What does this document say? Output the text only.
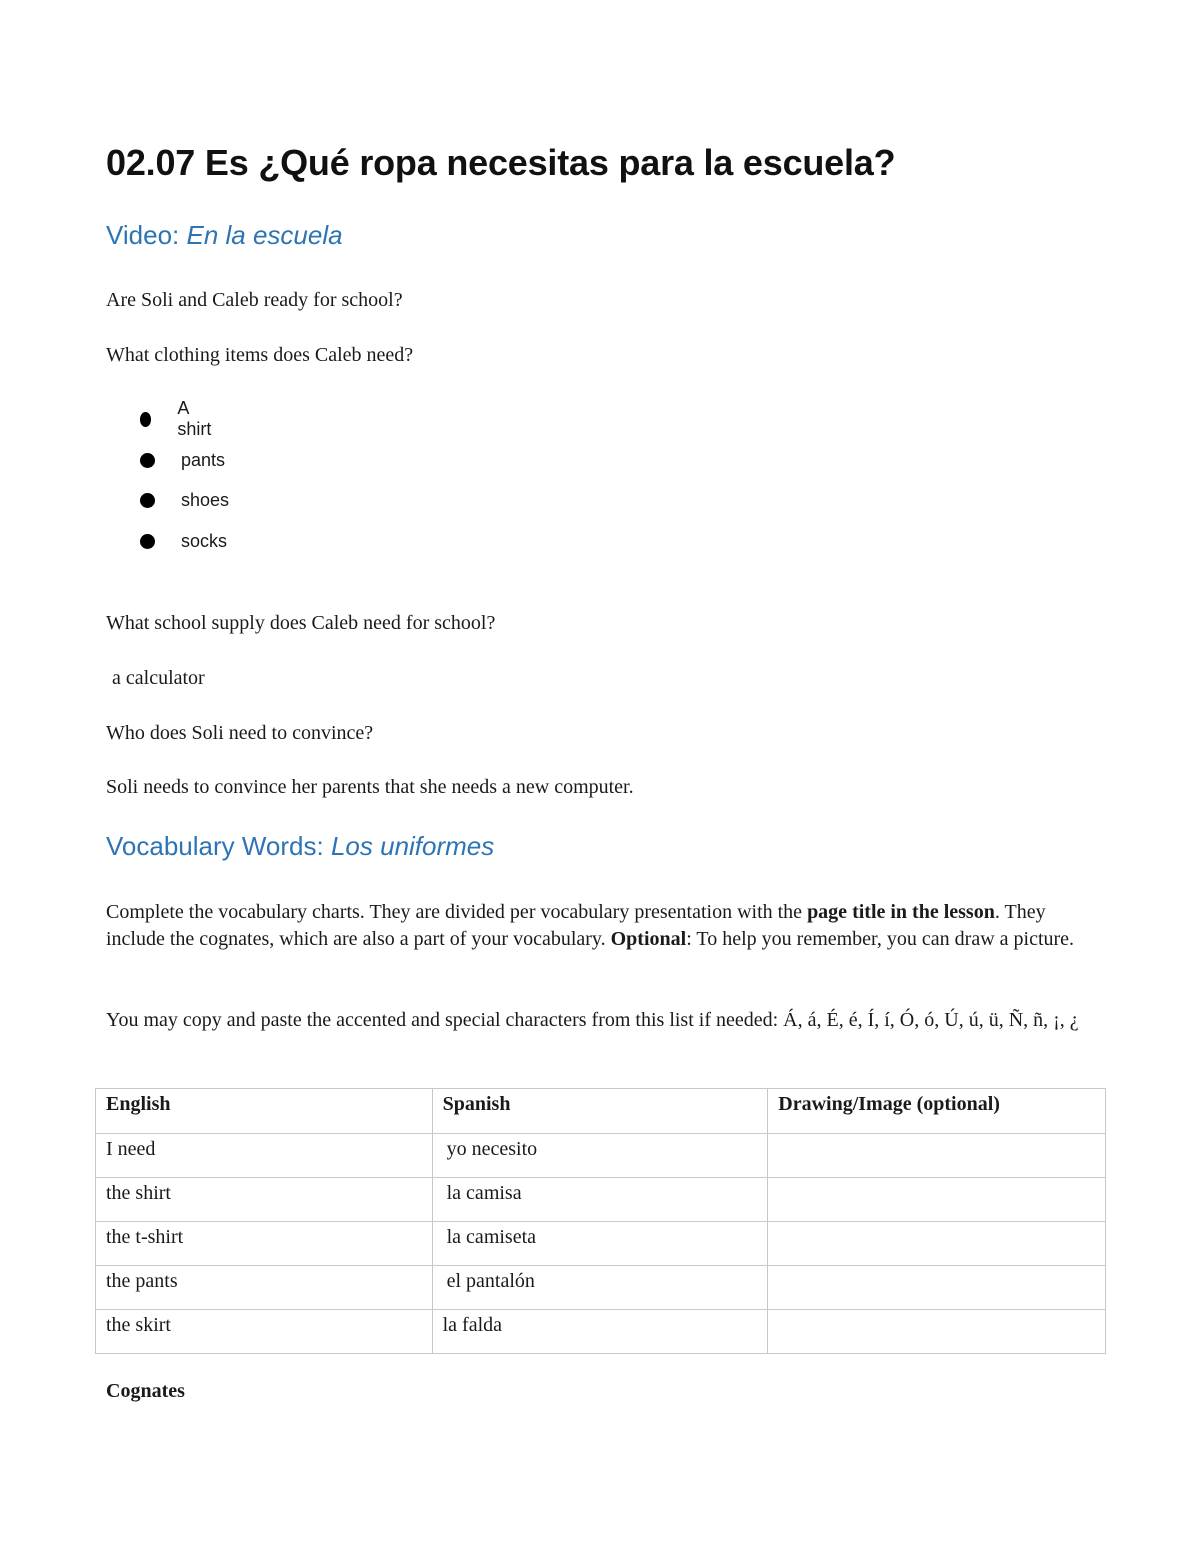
02.07 Es ¿Qué ropa necesitas para la escuela?
Video: En la escuela
Are Soli and Caleb ready for school?
What clothing items does Caleb need?
A shirt
pants
shoes
socks
What school supply does Caleb need for school?
a calculator
Who does Soli need to convince?
Soli needs to convince her parents that she needs a new computer.
Vocabulary Words: Los uniformes
Complete the vocabulary charts. They are divided per vocabulary presentation with the page title in the lesson. They include the cognates, which are also a part of your vocabulary. Optional: To help you remember, you can draw a picture.
You may copy and paste the accented and special characters from this list if needed: Á, á, É, é, Í, í, Ó, ó, Ú, ú, ü, Ñ, ñ, ¡, ¿
English	Spanish	Drawing/Image (optional)
I need	yo necesito	
the shirt	la camisa	
the t-shirt	la camiseta	
the pants	el pantalón	
the skirt	la falda	
Cognates
